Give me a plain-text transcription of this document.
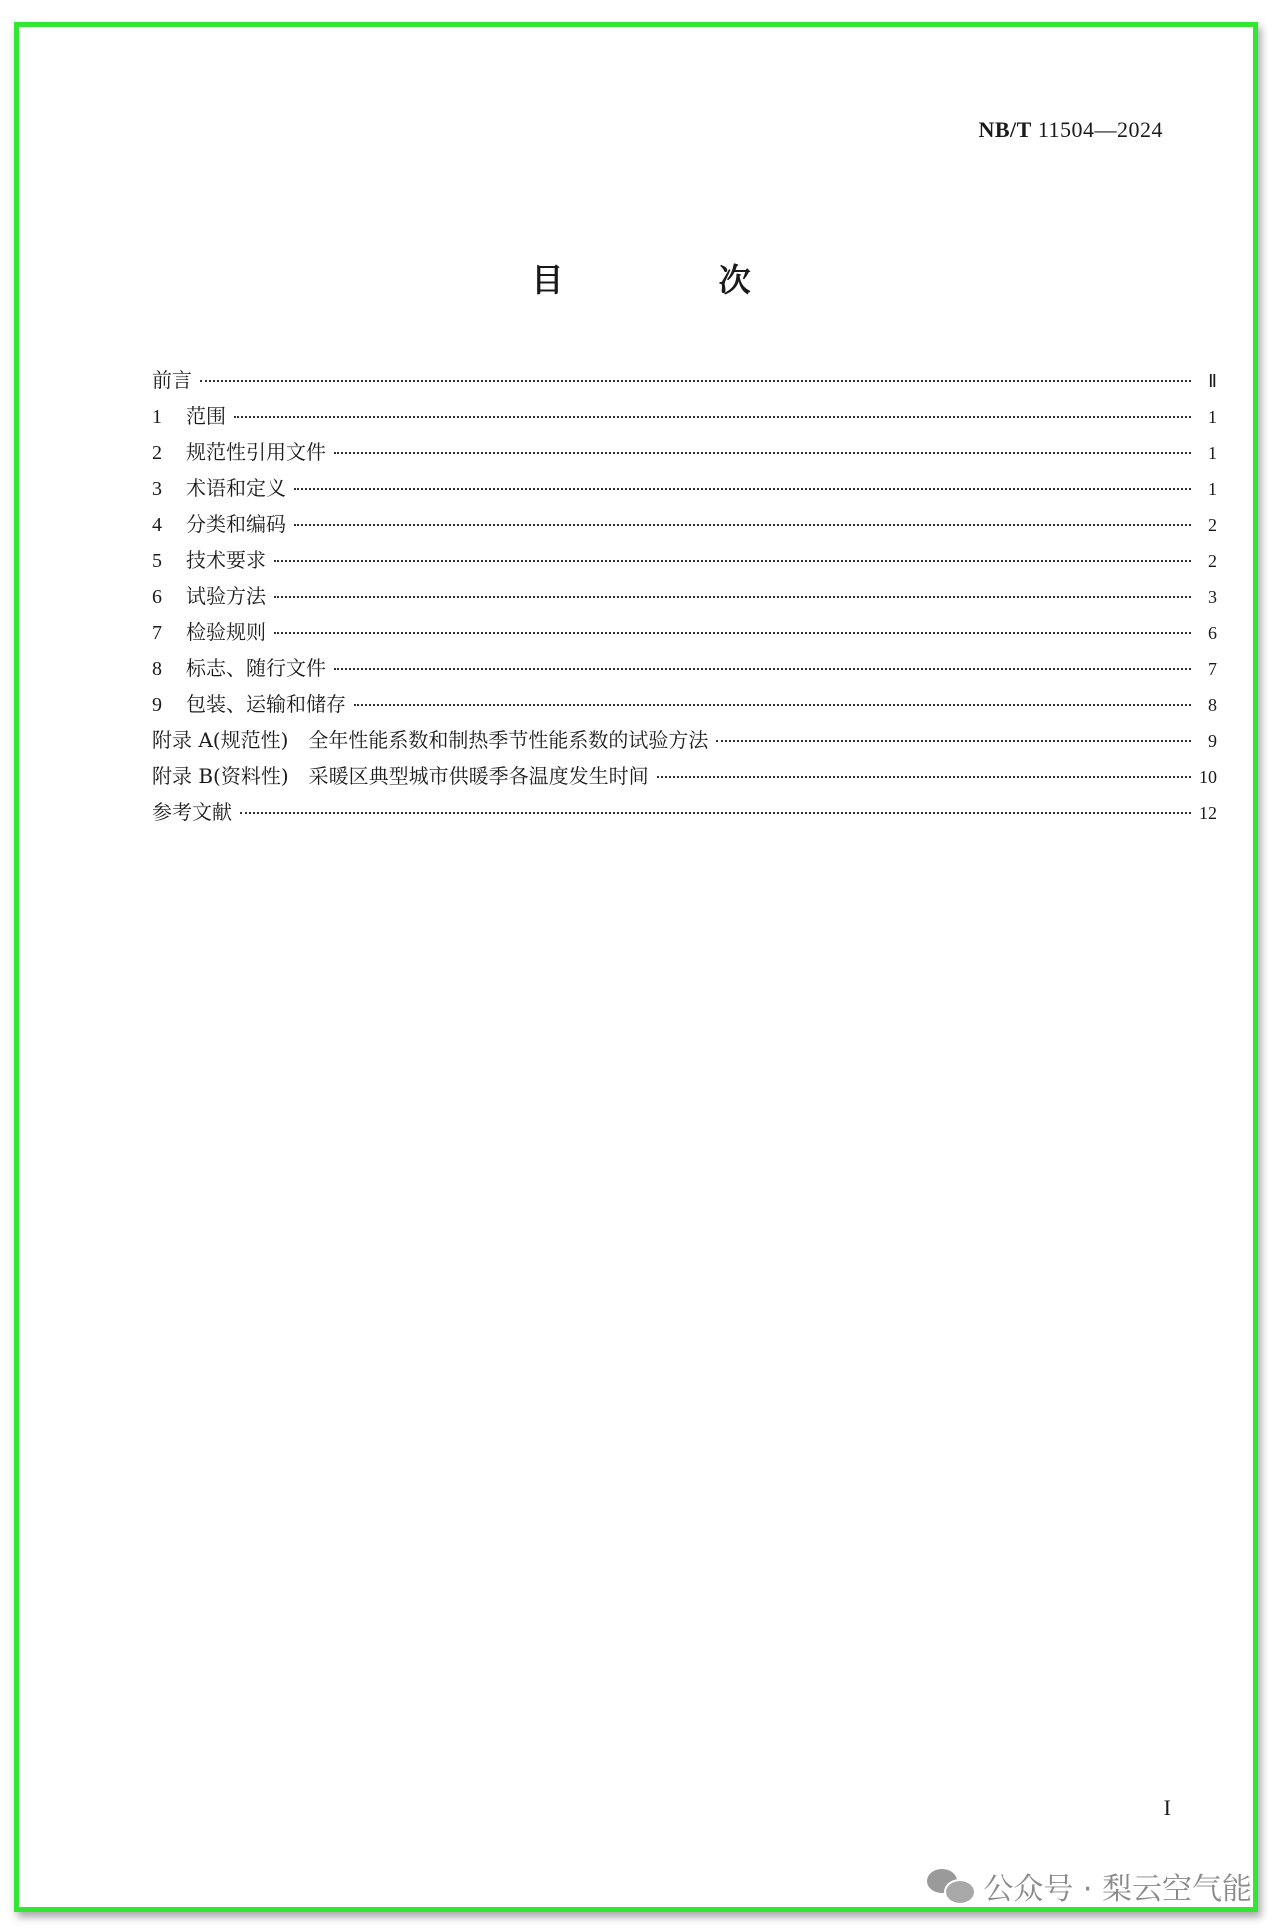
NB/T 11504—2024
目 次
前言	Ⅱ
1	范围	1
2	规范性引用文件	1
3	术语和定义	1
4	分类和编码	2
5	技术要求	2
6	试验方法	3
7	检验规则	6
8	标志、随行文件	7
9	包装、运输和储存	8
附录 A(规范性)　全年性能系数和制热季节性能系数的试验方法	9
附录 B(资料性)　采暖区典型城市供暖季各温度发生时间	10
参考文献	12
I
公众号 · 梨云空气能
